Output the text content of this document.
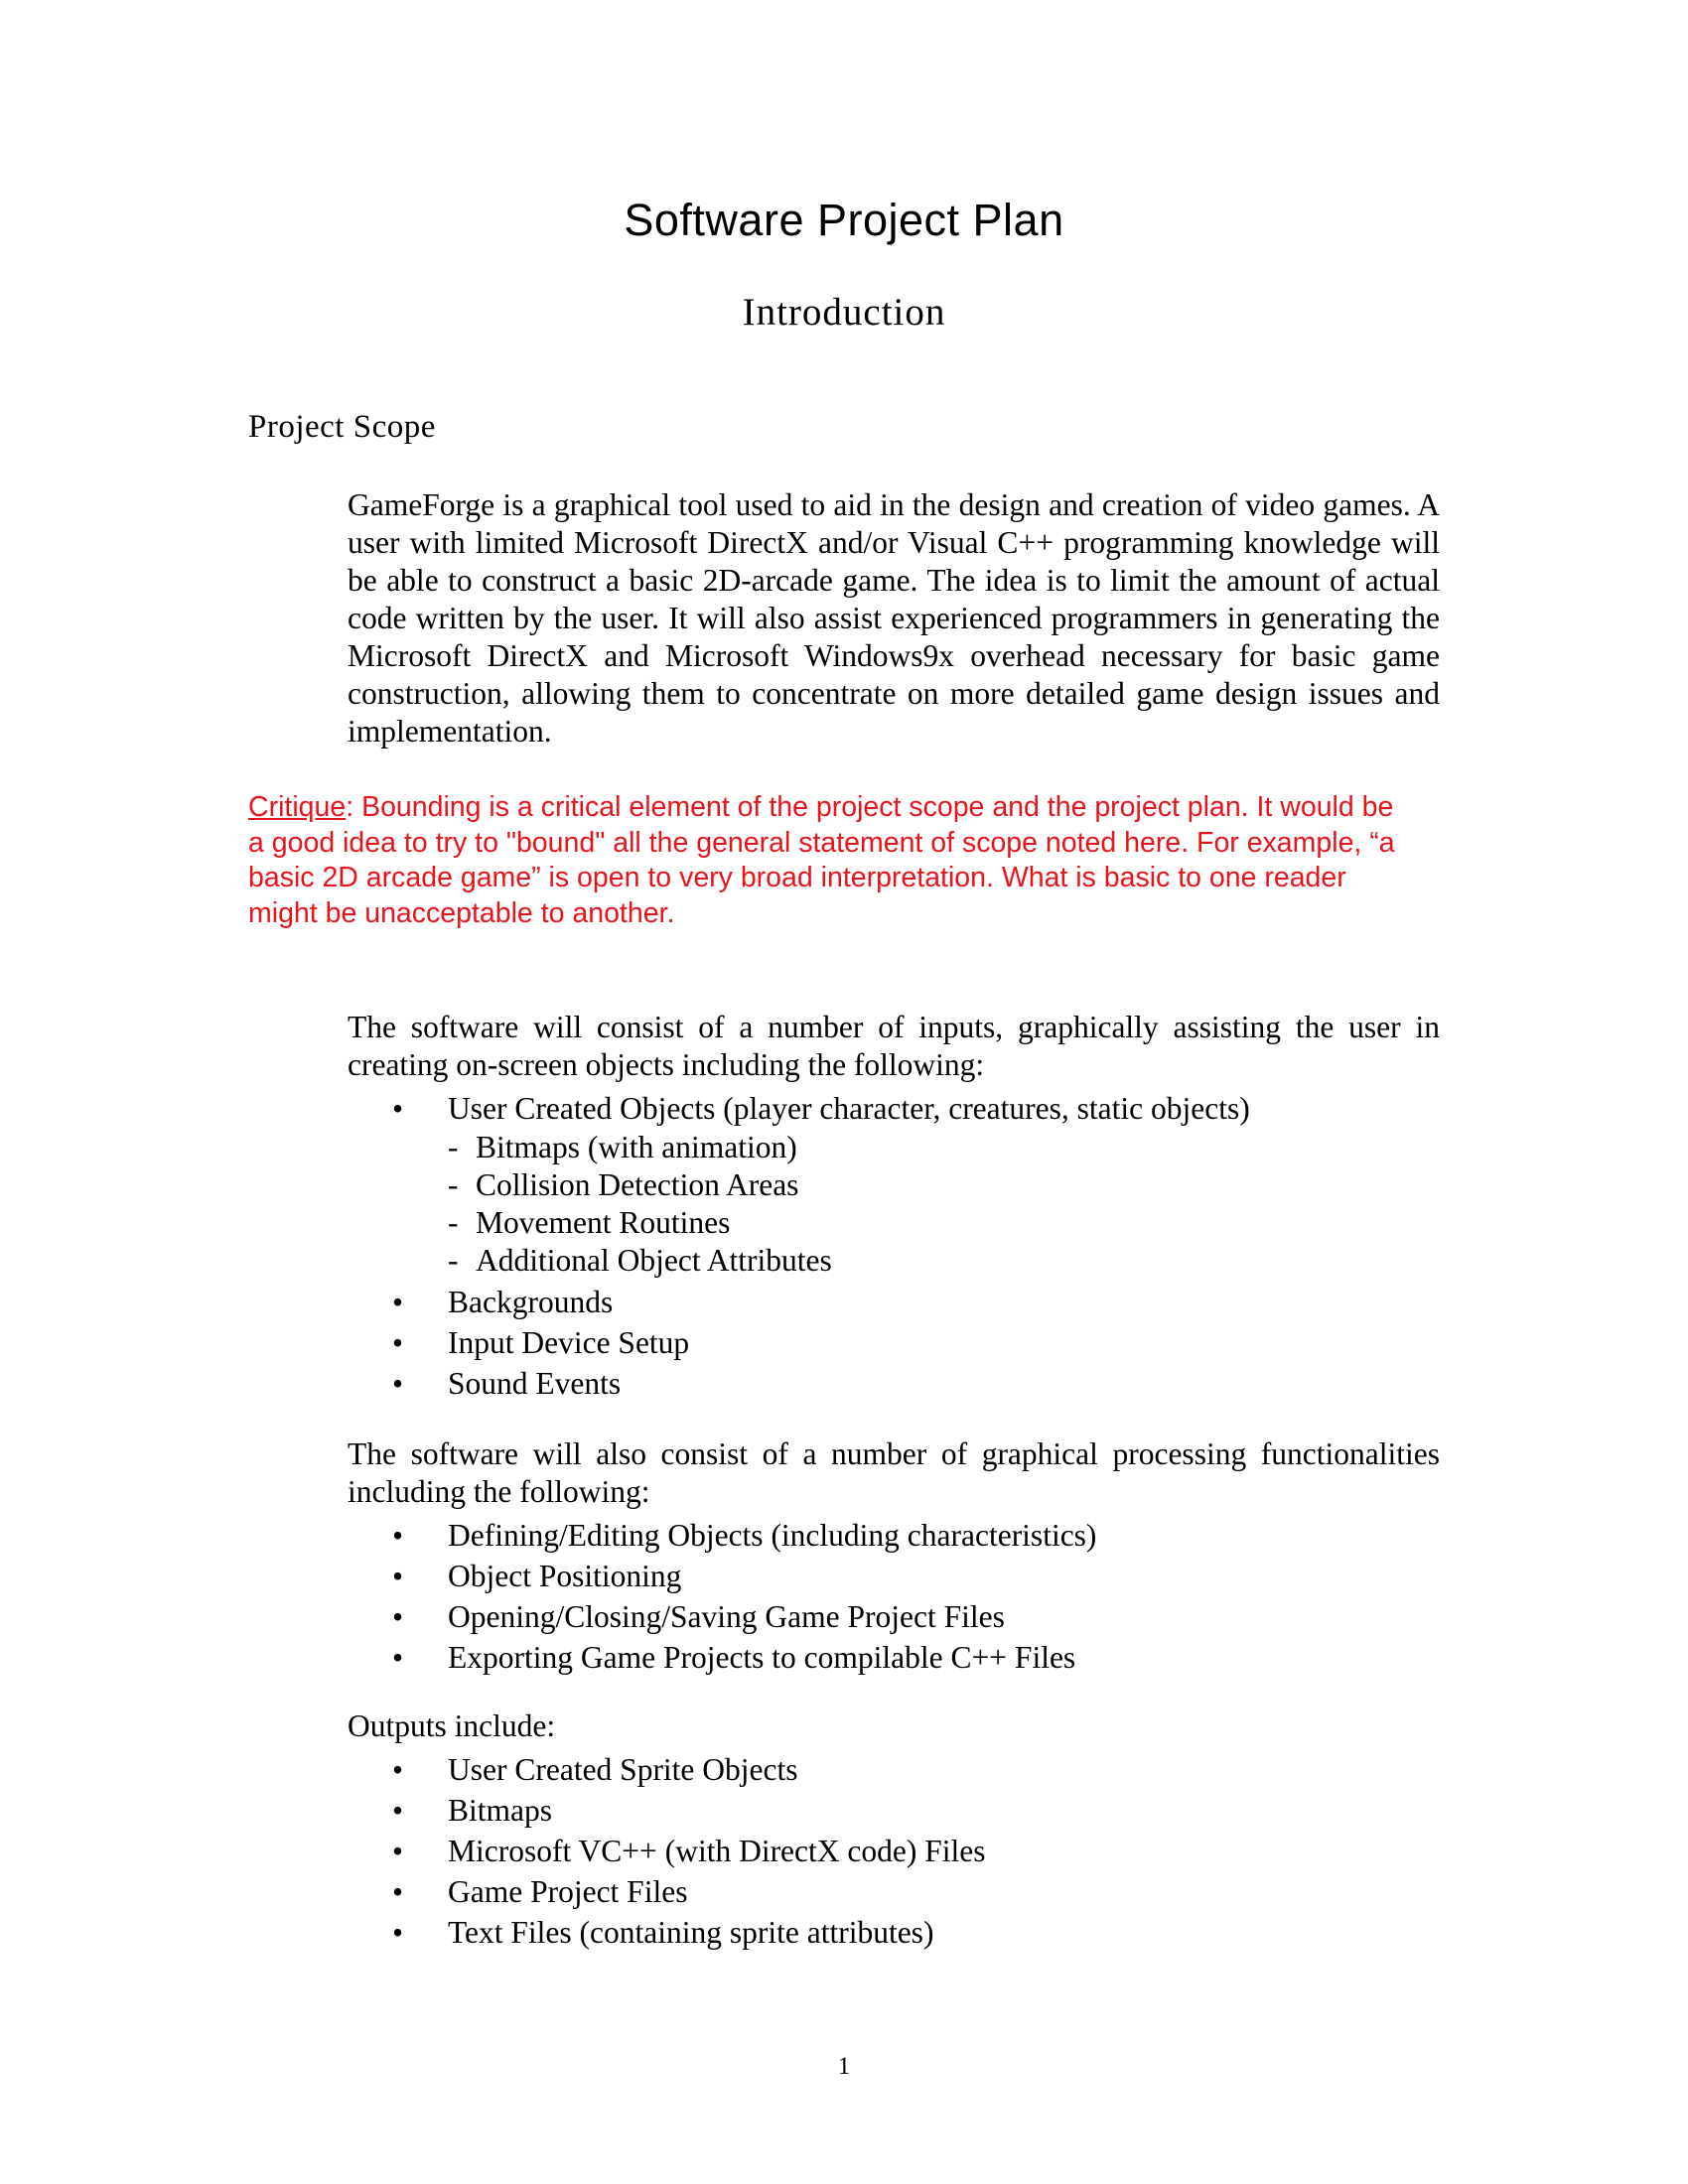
Software Project Plan
Introduction
Project Scope

GameForge is a graphical tool used to aid in the design and creation of video games. A user with limited Microsoft DirectX and/or Visual C++ programming knowledge will be able to construct a basic 2D-arcade game. The idea is to limit the amount of actual code written by the user. It will also assist experienced programmers in generating the Microsoft DirectX and Microsoft Windows9x overhead necessary for basic game construction, allowing them to concentrate on more detailed game design issues and implementation.

Critique: Bounding is a critical element of the project scope and the project plan. It would be a good idea to try to "bound" all the general statement of scope noted here. For example, “a basic 2D arcade game” is open to very broad interpretation. What is basic to one reader might be unacceptable to another.

The software will consist of a number of inputs, graphically assisting the user in creating on-screen objects including the following:

• User Created Objects (player character, creatures, static objects)
- Bitmaps (with animation)
- Collision Detection Areas
- Movement Routines
- Additional Object Attributes
• Backgrounds
• Input Device Setup
• Sound Events

The software will also consist of a number of graphical processing functionalities including the following:

• Defining/Editing Objects (including characteristics)
• Object Positioning
• Opening/Closing/Saving Game Project Files
• Exporting Game Projects to compilable C++ Files

Outputs include:

• User Created Sprite Objects
• Bitmaps
• Microsoft VC++ (with DirectX code) Files
• Game Project Files
• Text Files (containing sprite attributes)
1
